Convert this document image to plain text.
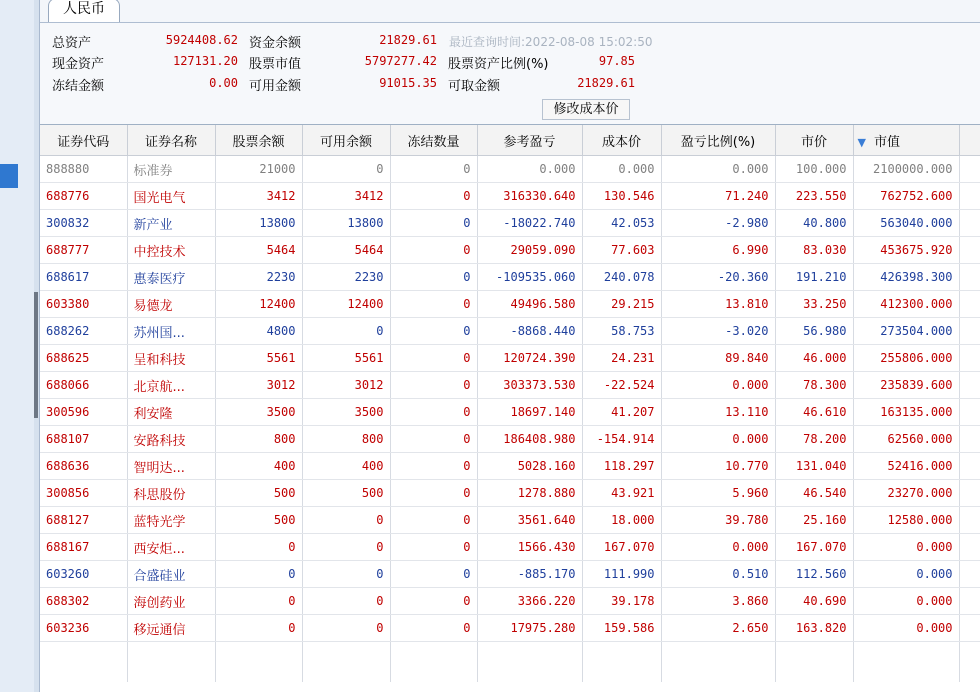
人民币
总资产	5924408.62 资金余额	21829.61 最近查询时间:2022-08-08 15:02:50
现金资产	127131.20 股票市值	5797277.42 股票资产比例(%)	97.85
冻结金额	0.00 可用金额	91015.35 可取金额	21829.61
修改成本价
证券代码	证券名称	股票余额	可用余额	冻结数量	参考盈亏	成本价	盈亏比例(%)	市价	▼ 市值	
888880	标准券	21000	0	0	0.000	0.000	0.000	100.000	2100000.000	
688776	国光电气	3412	3412	0	316330.640	130.546	71.240	223.550	762752.600	
300832	新产业	13800	13800	0	-18022.740	42.053	-2.980	40.800	563040.000	
688777	中控技术	5464	5464	0	29059.090	77.603	6.990	83.030	453675.920	
688617	惠泰医疗	2230	2230	0	-109535.060	240.078	-20.360	191.210	426398.300	
603380	易德龙	12400	12400	0	49496.580	29.215	13.810	33.250	412300.000	
688262	苏州国...	4800	0	0	-8868.440	58.753	-3.020	56.980	273504.000	
688625	呈和科技	5561	5561	0	120724.390	24.231	89.840	46.000	255806.000	
688066	北京航...	3012	3012	0	303373.530	-22.524	0.000	78.300	235839.600	
300596	利安隆	3500	3500	0	18697.140	41.207	13.110	46.610	163135.000	
688107	安路科技	800	800	0	186408.980	-154.914	0.000	78.200	62560.000	
688636	智明达...	400	400	0	5028.160	118.297	10.770	131.040	52416.000	
300856	科思股份	500	500	0	1278.880	43.921	5.960	46.540	23270.000	
688127	蓝特光学	500	0	0	3561.640	18.000	39.780	25.160	12580.000	
688167	西安炬...	0	0	0	1566.430	167.070	0.000	167.070	0.000	
603260	合盛硅业	0	0	0	-885.170	111.990	0.510	112.560	0.000	
688302	海创药业	0	0	0	3366.220	39.178	3.860	40.690	0.000	
603236	移远通信	0	0	0	17975.280	159.586	2.650	163.820	0.000	
